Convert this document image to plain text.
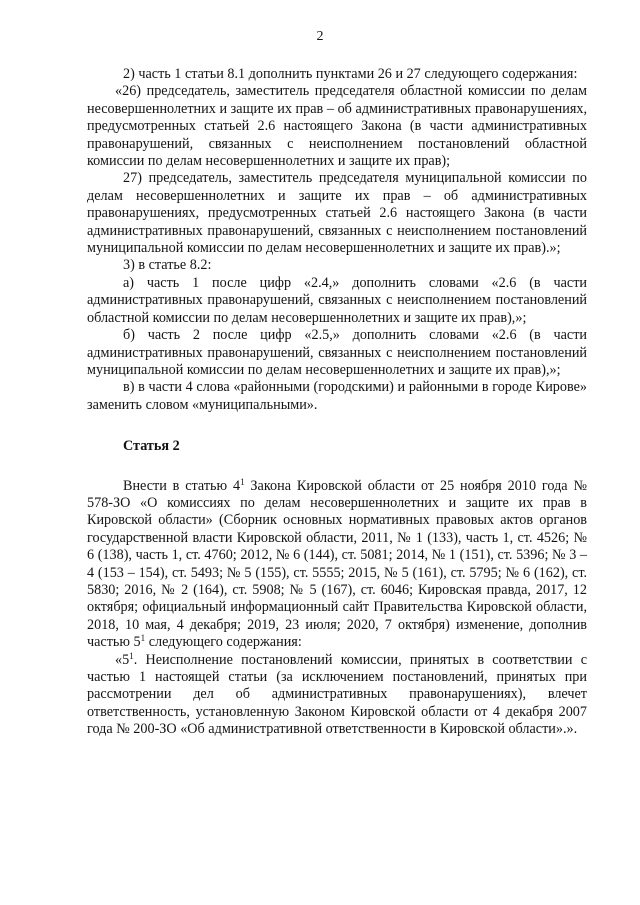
2

2) часть 1 статьи 8.1 дополнить пунктами 26 и 27 следующего содержания:

«26) председатель, заместитель председателя областной комиссии по делам несовершеннолетних и защите их прав – об административных правонарушениях, предусмотренных статьей 2.6 настоящего Закона (в части административных правонарушений, связанных с неисполнением постановлений областной комиссии по делам несовершеннолетних и защите их прав);

27) председатель, заместитель председателя муниципальной комиссии по делам несовершеннолетних и защите их прав – об административных правонарушениях, предусмотренных статьей 2.6 настоящего Закона (в части административных правонарушений, связанных с неисполнением постановлений муниципальной комиссии по делам несовершеннолетних и защите их прав).»;

3) в статье 8.2:

а) часть 1 после цифр «2.4,» дополнить словами «2.6 (в части административных правонарушений, связанных с неисполнением постановлений областной комиссии по делам несовершеннолетних и защите их прав),»;

б) часть 2 после цифр «2.5,» дополнить словами «2.6 (в части административных правонарушений, связанных с неисполнением постановлений муниципальной комиссии по делам несовершеннолетних и защите их прав),»;

в) в части 4 слова «районными (городскими) и районными в городе Кирове» заменить словом «муниципальными».

Статья 2

Внести в статью $4^1$ Закона Кировской области от 25 ноября 2010 года № 578-ЗО «О комиссиях по делам несовершеннолетних и защите их прав в Кировской области» (Сборник основных нормативных правовых актов органов государственной власти Кировской области, 2011, № 1 (133), часть 1, ст. 4526; № 6 (138), часть 1, ст. 4760; 2012, № 6 (144), ст. 5081; 2014, № 1 (151), ст. 5396; № 3 – 4 (153 – 154), ст. 5493; № 5 (155), ст. 5555; 2015, № 5 (161), ст. 5795; № 6 (162), ст. 5830; 2016, № 2 (164), ст. 5908; № 5 (167), ст. 6046; Кировская правда, 2017, 12 октября; официальный информационный сайт Правительства Кировской области, 2018, 10 мая, 4 декабря; 2019, 23 июля; 2020, 7 октября) изменение, дополнив частью $5^1$ следующего содержания:

«$5^1$. Неисполнение постановлений комиссии, принятых в соответствии с частью 1 настоящей статьи (за исключением постановлений, принятых при рассмотрении дел об административных правонарушениях), влечет ответственность, установленную Законом Кировской области от 4 декабря 2007 года № 200-ЗО «Об административной ответственности в Кировской области».».
